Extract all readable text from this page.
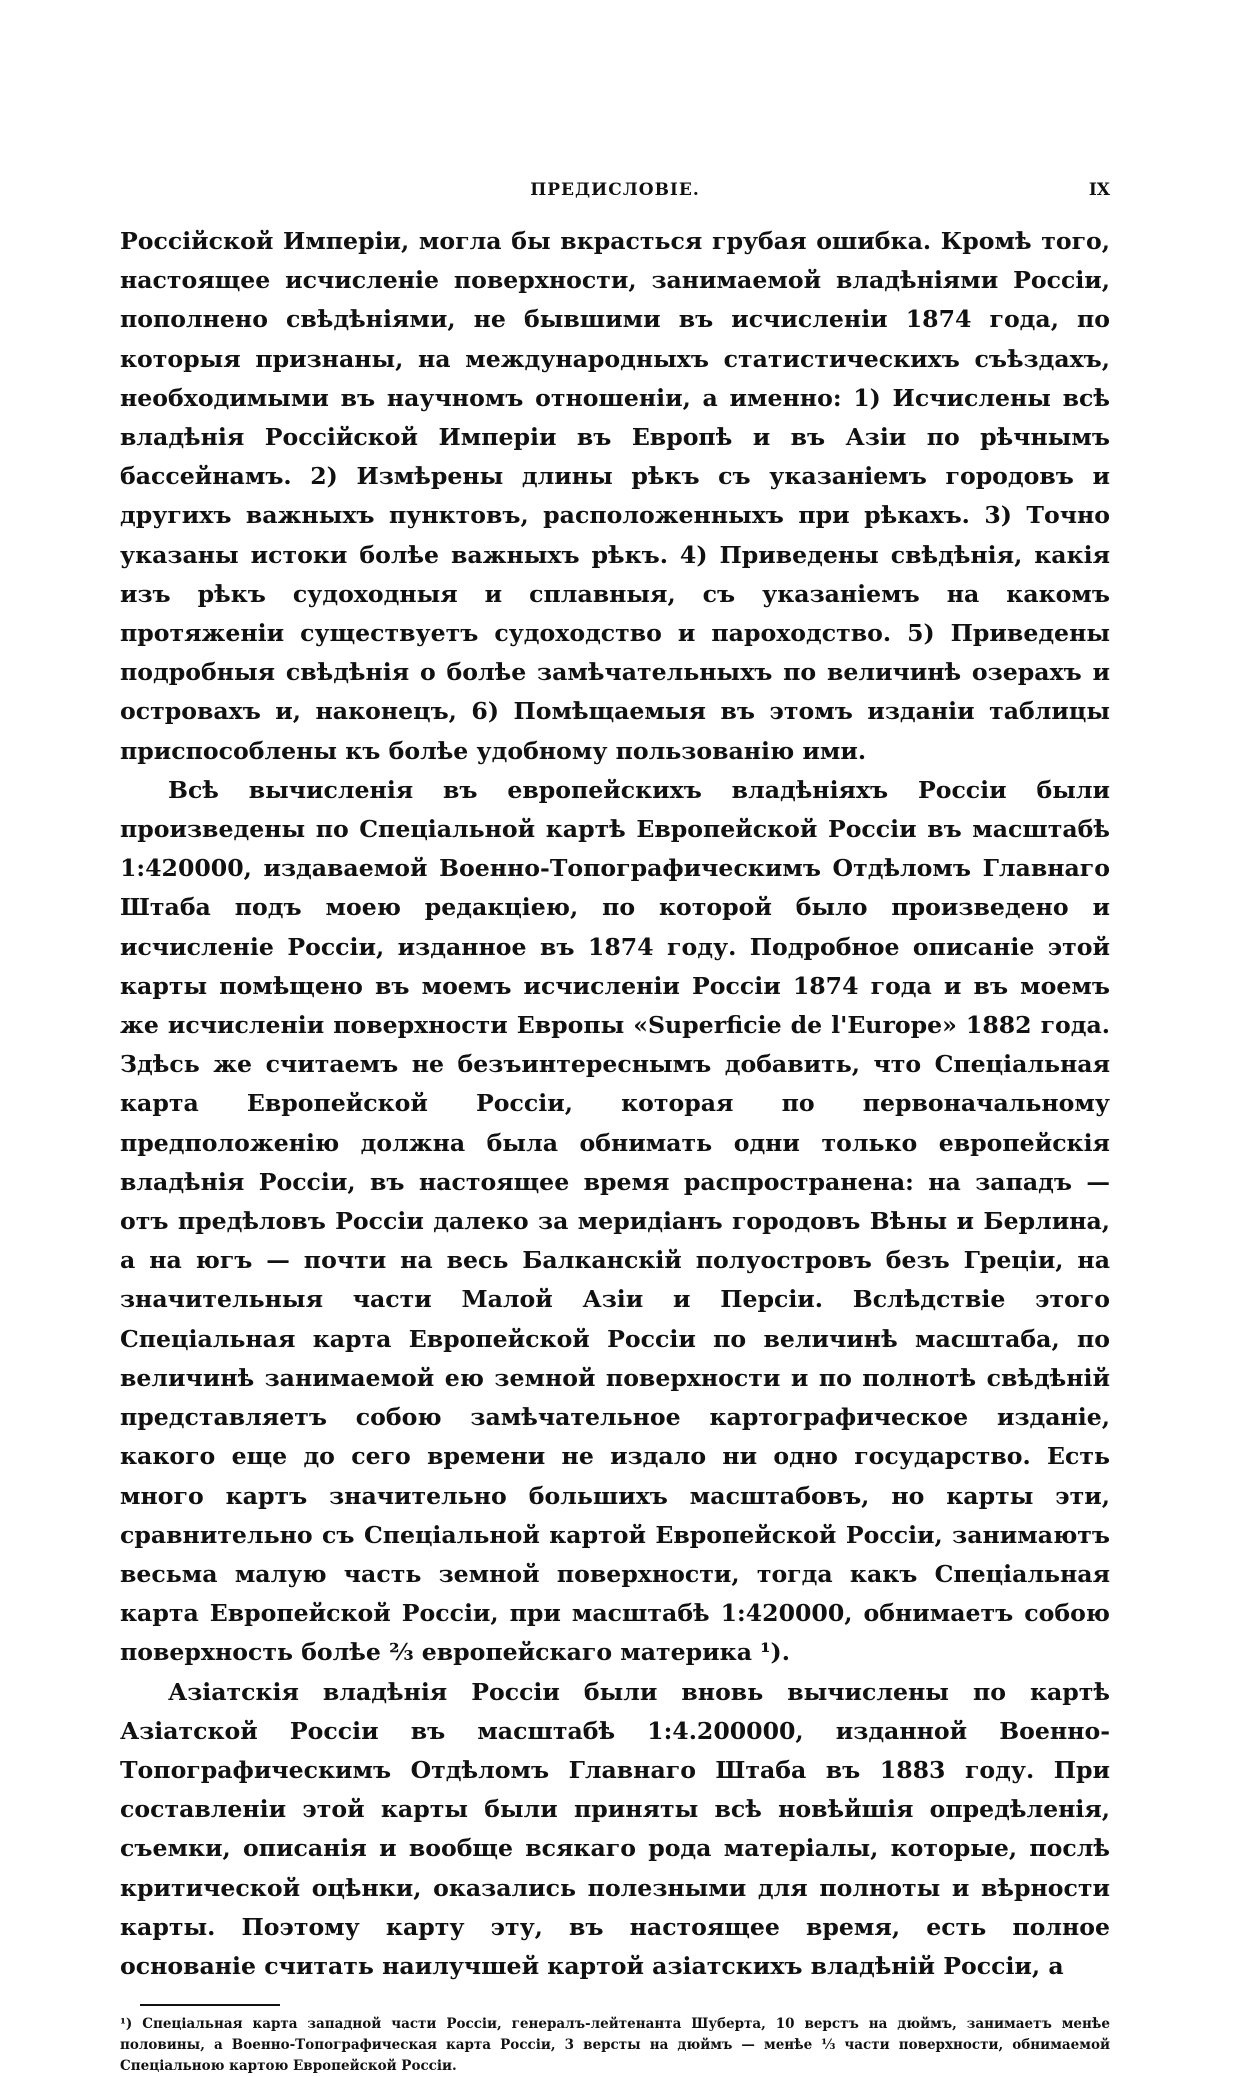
ПРЕДИСЛОВІЕ.	IX

Россійской Имперіи, могла бы вкрасться грубая ошибка. Кромѣ того, настоящее исчисленіе поверхности, занимаемой владѣніями Россіи, пополнено свѣдѣніями, не бывшими въ исчисленіи 1874 года, по которыя признаны, на международныхъ статистическихъ съѣздахъ, необходимыми въ научномъ отношеніи, а именно: 1) Исчислены всѣ владѣнія Россійской Имперіи въ Европѣ и въ Азіи по рѣчнымъ бассейнамъ. 2) Измѣрены длины рѣкъ съ указаніемъ городовъ и другихъ важныхъ пунктовъ, расположенныхъ при рѣкахъ. 3) Точно указаны истоки болѣе важныхъ рѣкъ. 4) Приведены свѣдѣнія, какія изъ рѣкъ судоходныя и сплавныя, съ указаніемъ на какомъ протяженіи существуетъ судоходство и пароходство. 5) Приведены подробныя свѣдѣнія о болѣе замѣчательныхъ по величинѣ озерахъ и островахъ и, наконецъ, 6) Помѣщаемыя въ этомъ изданіи таблицы приспособлены къ болѣе удобному пользованію ими.

Всѣ вычисленія въ европейскихъ владѣніяхъ Россіи были произведены по Спеціальной картѣ Европейской Россіи въ масштабѣ 1:420000, издаваемой Военно-Топографическимъ Отдѣломъ Главнаго Штаба подъ моею редакціею, по которой было произведено и исчисленіе Россіи, изданное въ 1874 году. Подробное описаніе этой карты помѣщено въ моемъ исчисленіи Россіи 1874 года и въ моемъ же исчисленіи поверхности Европы «Superficie de l'Europe» 1882 года. Здѣсь же считаемъ не безъинтереснымъ добавить, что Спеціальная карта Европейской Россіи, которая по первоначальному предположенію должна была обнимать одни только европейскія владѣнія Россіи, въ настоящее время распространена: на западъ — отъ предѣловъ Россіи далеко за меридіанъ городовъ Вѣны и Берлина, а на югъ — почти на весь Балканскій полуостровъ безъ Греціи, на значительныя части Малой Азіи и Персіи. Вслѣдствіе этого Спеціальная карта Европейской Россіи по величинѣ масштаба, по величинѣ занимаемой ею земной поверхности и по полнотѣ свѣдѣній представляетъ собою замѣчательное картографическое изданіе, какого еще до сего времени не издало ни одно государство. Есть много картъ значительно большихъ масштабовъ, но карты эти, сравнительно съ Спеціальной картой Европейской Россіи, занимаютъ весьма малую часть земной поверхности, тогда какъ Спеціальная карта Европейской Россіи, при масштабѣ 1:420000, обнимаетъ собою поверхность болѣе ⅔ европейскаго материка ¹).

Азіатскія владѣнія Россіи были вновь вычислены по картѣ Азіатской Россіи въ масштабѣ 1:4.200000, изданной Военно-Топографическимъ Отдѣломъ Главнаго Штаба въ 1883 году. При составленіи этой карты были приняты всѣ новѣйшія опредѣленія, съемки, описанія и вообще всякаго рода матеріалы, которые, послѣ критической оцѣнки, оказались полезными для полноты и вѣрности карты. Поэтому карту эту, въ настоящее время, есть полное основаніе считать наилучшей картой азіатскихъ владѣній Россіи, а

¹) Спеціальная карта западной части Россіи, генералъ-лейтенанта Шуберта, 10 верстъ на дюймъ, занимаетъ менѣе половины, а Военно-Топографическая карта Россіи, 3 версты на дюймъ — менѣе ⅓ части поверхности, обнимаемой Спеціальною картою Европейской Россіи.
